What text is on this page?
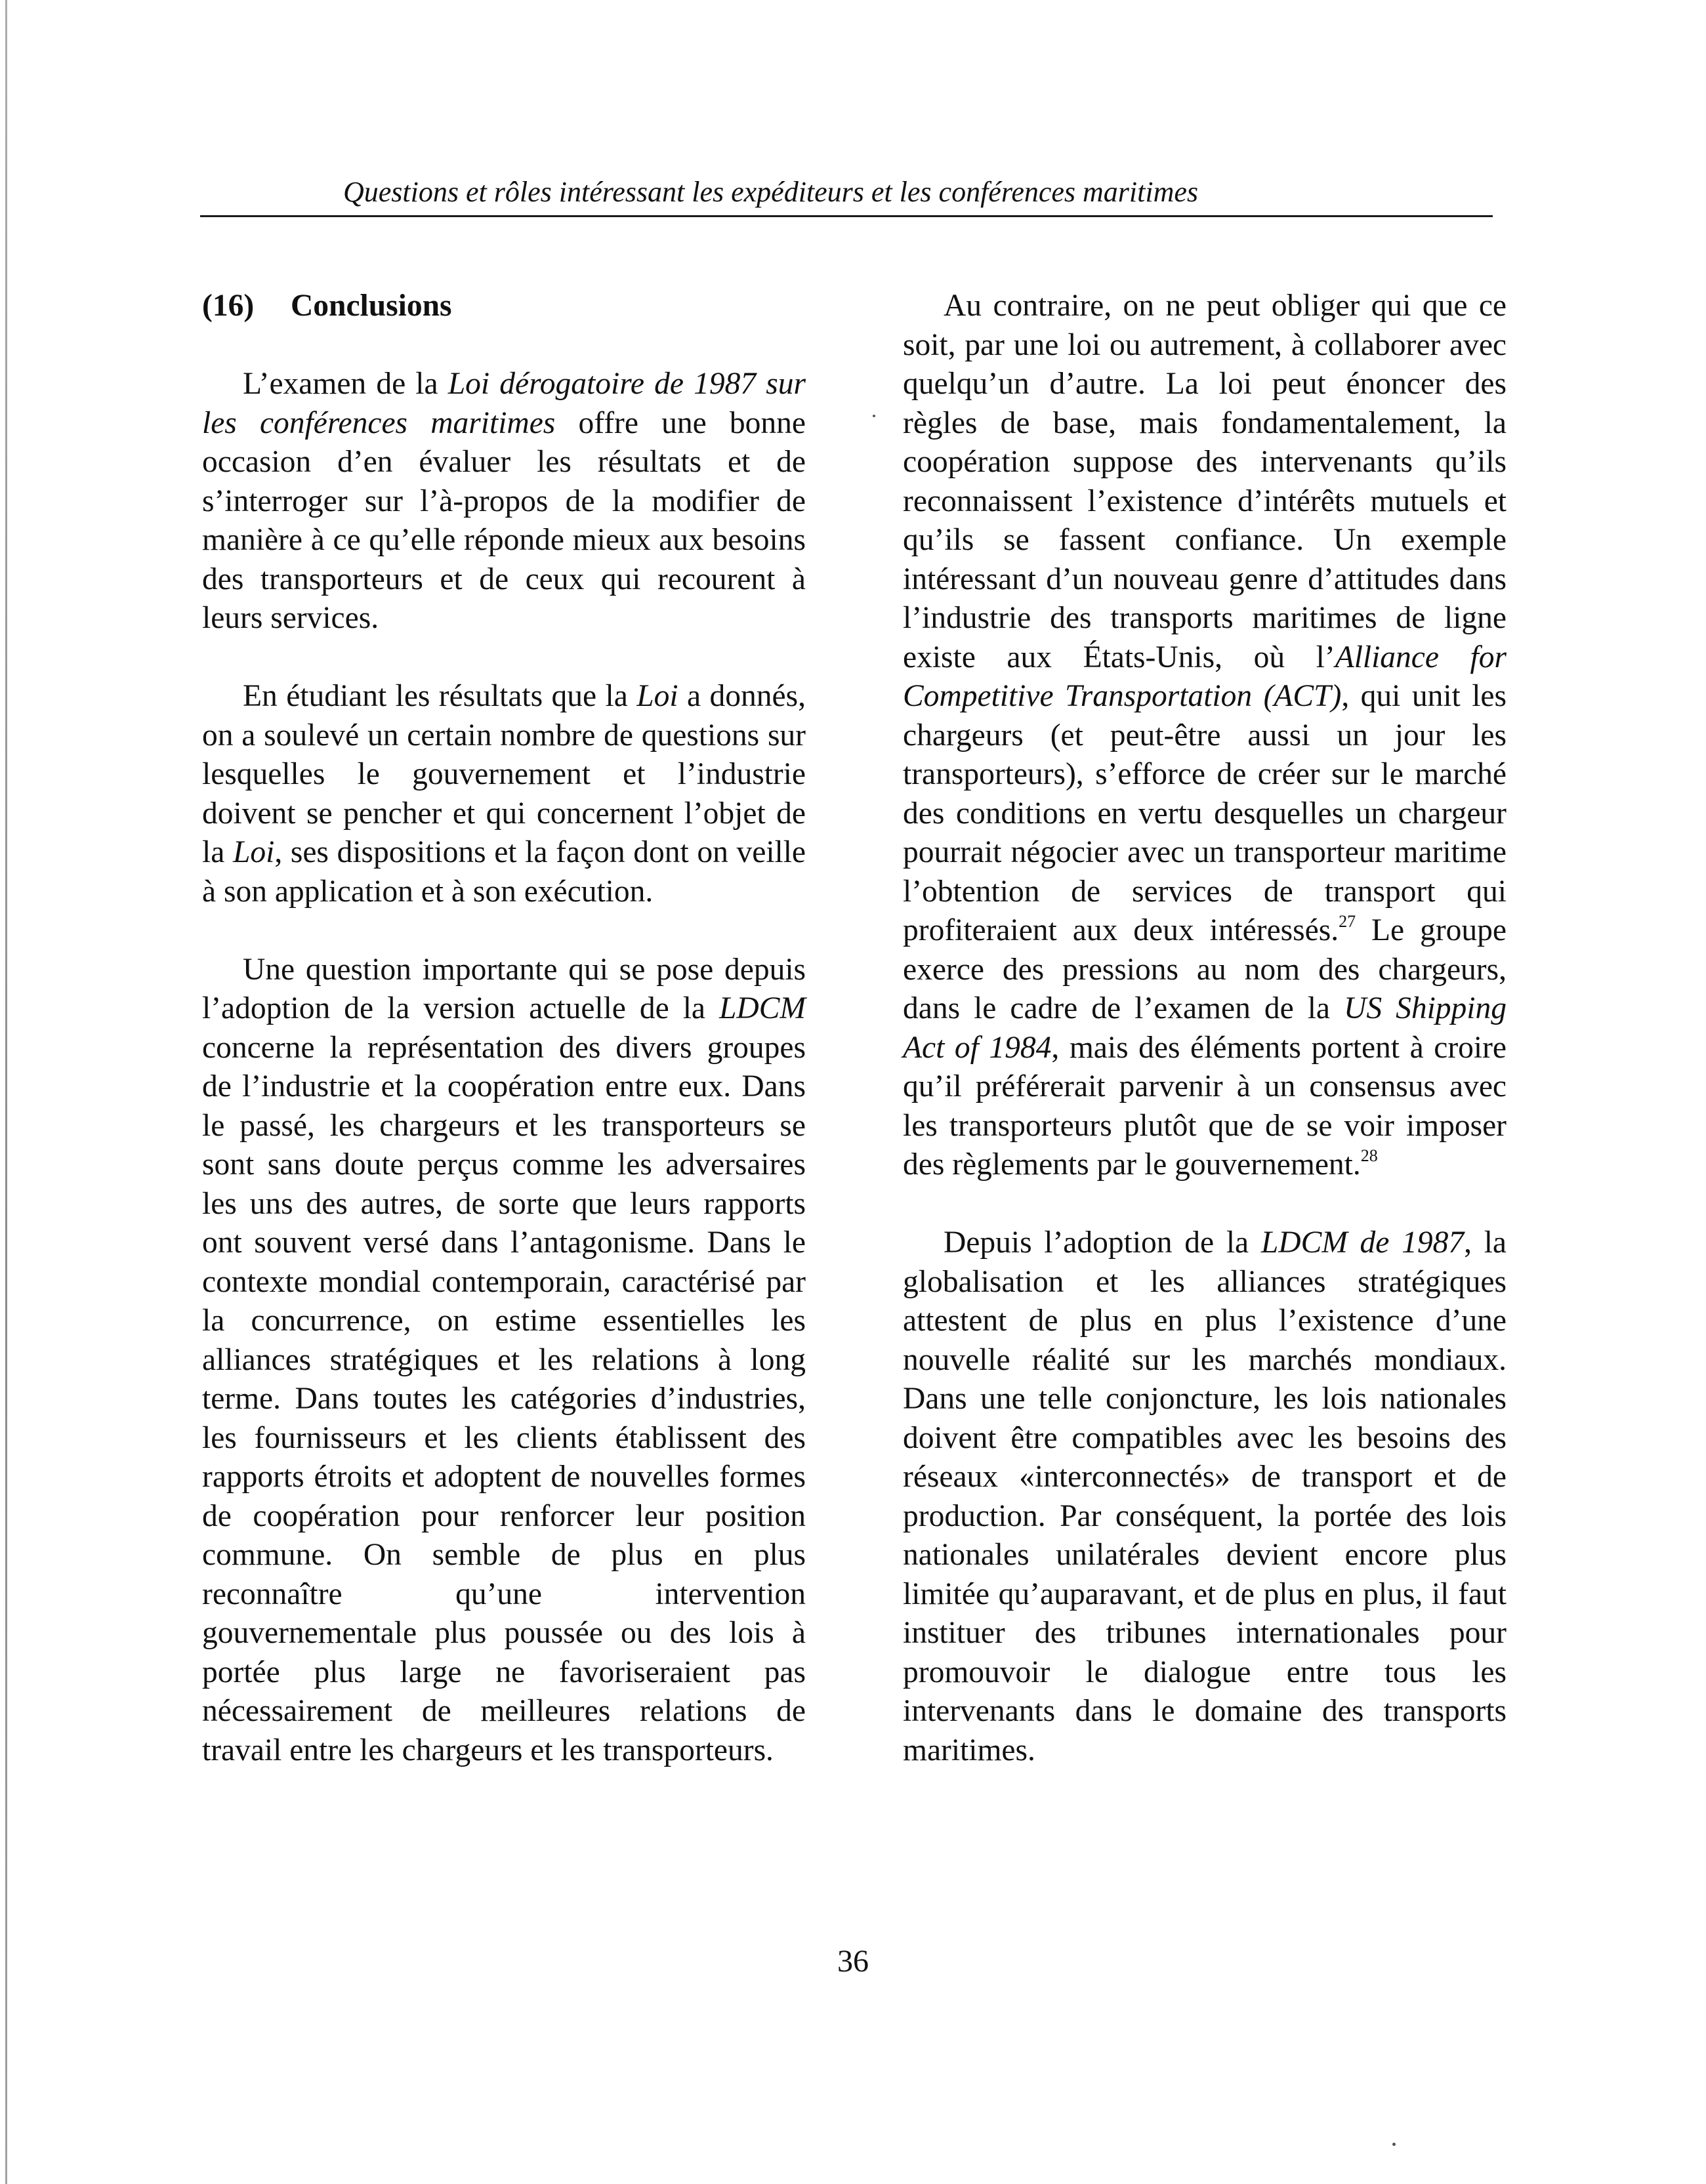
Questions et rôles intéressant les expéditeurs et les conférences maritimes
(16) Conclusions

L’examen de la Loi dérogatoire de 1987 sur les conférences maritimes offre une bonne occasion d’en évaluer les résultats et de s’interroger sur l’à-propos de la modifier de manière à ce qu’elle réponde mieux aux besoins des transporteurs et de ceux qui recourent à leurs services.

En étudiant les résultats que la Loi a donnés, on a soulevé un certain nombre de questions sur lesquelles le gouvernement et l’industrie doivent se pencher et qui concernent l’objet de la Loi, ses dispositions et la façon dont on veille à son application et à son exécution.

Une question importante qui se pose depuis l’adoption de la version actuelle de la LDCM concerne la représentation des divers groupes de l’industrie et la coopération entre eux. Dans le passé, les chargeurs et les transporteurs se sont sans doute perçus comme les adversaires les uns des autres, de sorte que leurs rapports ont souvent versé dans l’antagonisme. Dans le contexte mondial contemporain, caractérisé par la concurrence, on estime essentielles les alliances stratégiques et les relations à long terme. Dans toutes les catégories d’industries, les fournisseurs et les clients établissent des rapports étroits et adoptent de nouvelles formes de coopération pour renforcer leur position commune. On semble de plus en plus reconnaître qu’une intervention gouvernementale plus poussée ou des lois à portée plus large ne favoriseraient pas nécessairement de meilleures relations de travail entre les chargeurs et les transporteurs.

Au contraire, on ne peut obliger qui que ce soit, par une loi ou autrement, à collaborer avec quelqu’un d’autre. La loi peut énoncer des règles de base, mais fondamentalement, la coopération suppose des intervenants qu’ils reconnaissent l’existence d’intérêts mutuels et qu’ils se fassent confiance. Un exemple intéressant d’un nouveau genre d’attitudes dans l’industrie des transports maritimes de ligne existe aux États-Unis, où l’Alliance for Competitive Transportation (ACT), qui unit les chargeurs (et peut-être aussi un jour les transporteurs), s’efforce de créer sur le marché des conditions en vertu desquelles un chargeur pourrait négocier avec un transporteur maritime l’obtention de services de transport qui profiteraient aux deux intéressés.$^{27}$ Le groupe exerce des pressions au nom des chargeurs, dans le cadre de l’examen de la US Shipping Act of 1984, mais des éléments portent à croire qu’il préférerait parvenir à un consensus avec les transporteurs plutôt que de se voir imposer des règlements par le gouvernement.$^{28}$

Depuis l’adoption de la LDCM de 1987, la globalisation et les alliances stratégiques attestent de plus en plus l’existence d’une nouvelle réalité sur les marchés mondiaux. Dans une telle conjoncture, les lois nationales doivent être compatibles avec les besoins des réseaux «interconnectés» de transport et de production. Par conséquent, la portée des lois nationales unilatérales devient encore plus limitée qu’auparavant, et de plus en plus, il faut instituer des tribunes internationales pour promouvoir le dialogue entre tous les intervenants dans le domaine des transports maritimes.

36
